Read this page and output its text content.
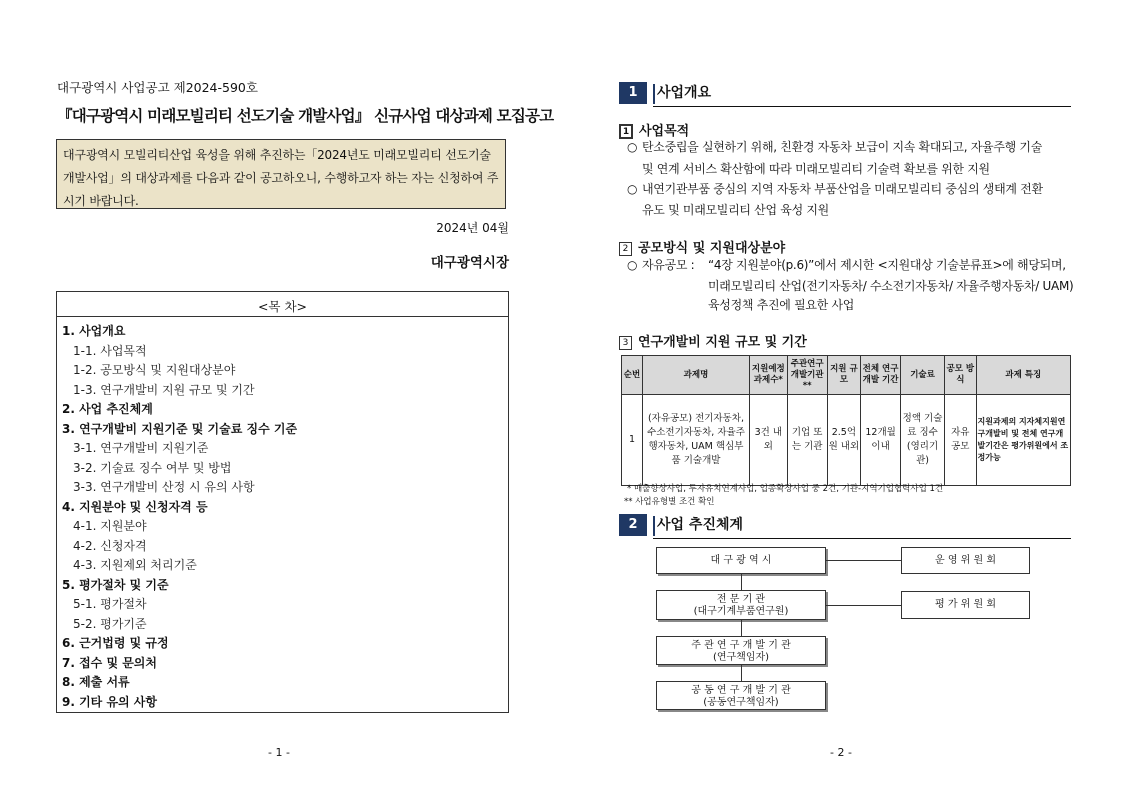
대구광역시 사업공고 제2024-590호
『대구광역시 미래모빌리티 선도기술 개발사업』 신규사업 대상과제 모집공고
대구광역시 모빌리티산업 육성을 위해 추진하는「2024년도 미래모빌리티 선도기술 개발사업」의 대상과제를 다음과 같이 공고하오니, 수행하고자 하는 자는 신청하여 주시기 바랍니다.
2024년 04월
대구광역시장
<목 차>
1. 사업개요
1-1. 사업목적
1-2. 공모방식 및 지원대상분야
1-3. 연구개발비 지원 규모 및 기간
2. 사업 추진체계
3. 연구개발비 지원기준 및 기술료 징수 기준
3-1. 연구개발비 지원기준
3-2. 기술료 징수 여부 및 방법
3-3. 연구개발비 산정 시 유의 사항
4. 지원분야 및 신청자격 등
4-1. 지원분야
4-2. 신청자격
4-3. 지원제외 처리기준
5. 평가절차 및 기준
5-1. 평가절차
5-2. 평가기준
6. 근거법령 및 규정
7. 접수 및 문의처
8. 제출 서류
9. 기타 유의 사항
- 1 -
1	사업개요
1 사업목적
○ 탄소중립을 실현하기 위해, 친환경 자동차 보급이 지속 확대되고, 자율주행 기술
및 연계 서비스 확산함에 따라 미래모빌리티 기술력 확보를 위한 지원
○ 내연기관부품 중심의 지역 자동차 부품산업을 미래모빌리티 중심의 생태계 전환
유도 및 미래모빌리티 산업 육성 지원
2 공모방식 및 지원대상분야
○ 자유공모 : “4장 지원분야(p.6)”에서 제시한 <지원대상 기술분류표>에 해당되며,
미래모빌리티 산업(전기자동차/ 수소전기자동차/ 자율주행자동차/ UAM)
육성정책 추진에 필요한 사업
3 연구개발비 지원 규모 및 기간
순번	과제명	지원예정 과제수*	주관연구 개발기관**	지원 규모	전체 연구개발 기간	기술료	공모 방식	과제 특징
1	(자유공모) 전기자동차, 수소전기자동차, 자율주행자동차, UAM 핵심부품 기술개발	3건 내외	기업 또는 기관	2.5억원 내외	12개월 이내	정액 기술료 징수 (영리기관)	자유 공모	지원과제의 지자체지원연구개발비 및 전체 연구개발기간은 평가위원에서 조정가능
* 매출향상사업, 투자유치연계사업, 업종확장사업 중 2건, 기관-지역기업협력사업 1건
** 사업유형별 조건 확인
2	사업 추진체계
대 구 광 역 시	운 영 위 원 회
전 문 기 관
(대구기계부품연구원)
평 가 위 원 회
주 관 연 구 개 발 기 관
(연구책임자)
공 동 연 구 개 발 기 관
(공동연구책임자)
- 2 -
